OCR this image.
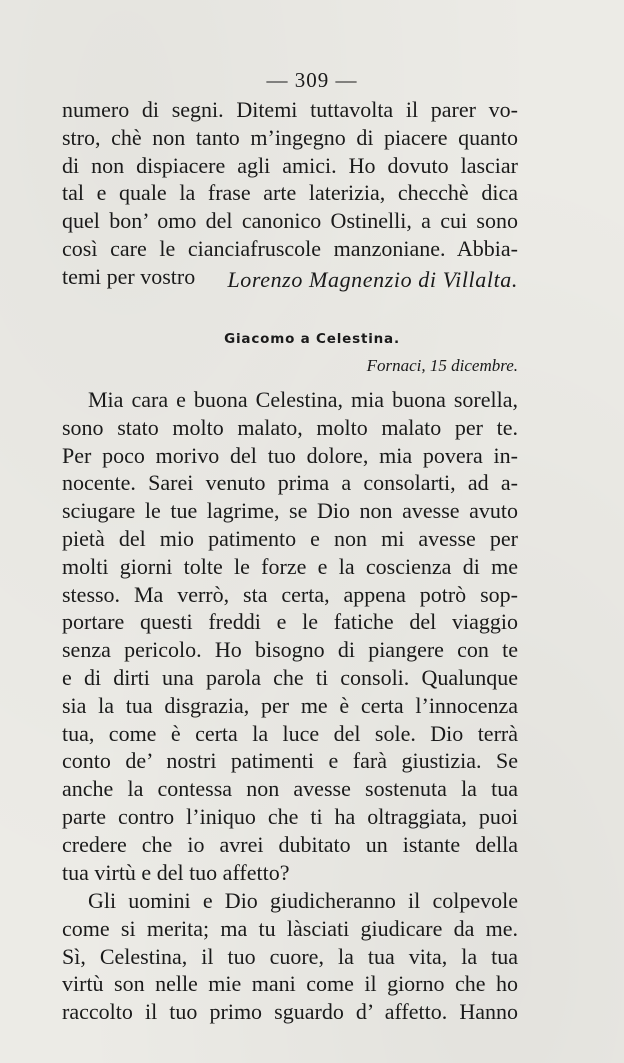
— 309 —
numero di segni. Ditemi tuttavolta il parer vo-
stro, chè non tanto m’ingegno di piacere quanto
di non dispiacere agli amici. Ho dovuto lasciar
tal e quale la frase arte laterizia, checchè dica
quel bon’ omo del canonico Ostinelli, a cui sono
così care le cianciafruscole manzoniane. Abbia-
temi per vostro	Lorenzo Magnenzio di Villalta.
Giacomo a Celestina.
Fornaci, 15 dicembre.
Mia cara e buona Celestina, mia buona sorella,
sono stato molto malato, molto malato per te.
Per poco morivo del tuo dolore, mia povera in-
nocente. Sarei venuto prima a consolarti, ad a-
sciugare le tue lagrime, se Dio non avesse avuto
pietà del mio patimento e non mi avesse per
molti giorni tolte le forze e la coscienza di me
stesso. Ma verrò, sta certa, appena potrò sop-
portare questi freddi e le fatiche del viaggio
senza pericolo. Ho bisogno di piangere con te
e di dirti una parola che ti consoli. Qualunque
sia la tua disgrazia, per me è certa l’innocenza
tua, come è certa la luce del sole. Dio terrà
conto de’ nostri patimenti e farà giustizia. Se
anche la contessa non avesse sostenuta la tua
parte contro l’iniquo che ti ha oltraggiata, puoi
credere che io avrei dubitato un istante della
tua virtù e del tuo affetto?
Gli uomini e Dio giudicheranno il colpevole
come si merita; ma tu làsciati giudicare da me.
Sì, Celestina, il tuo cuore, la tua vita, la tua
virtù son nelle mie mani come il giorno che ho
raccolto il tuo primo sguardo d’ affetto. Hanno
